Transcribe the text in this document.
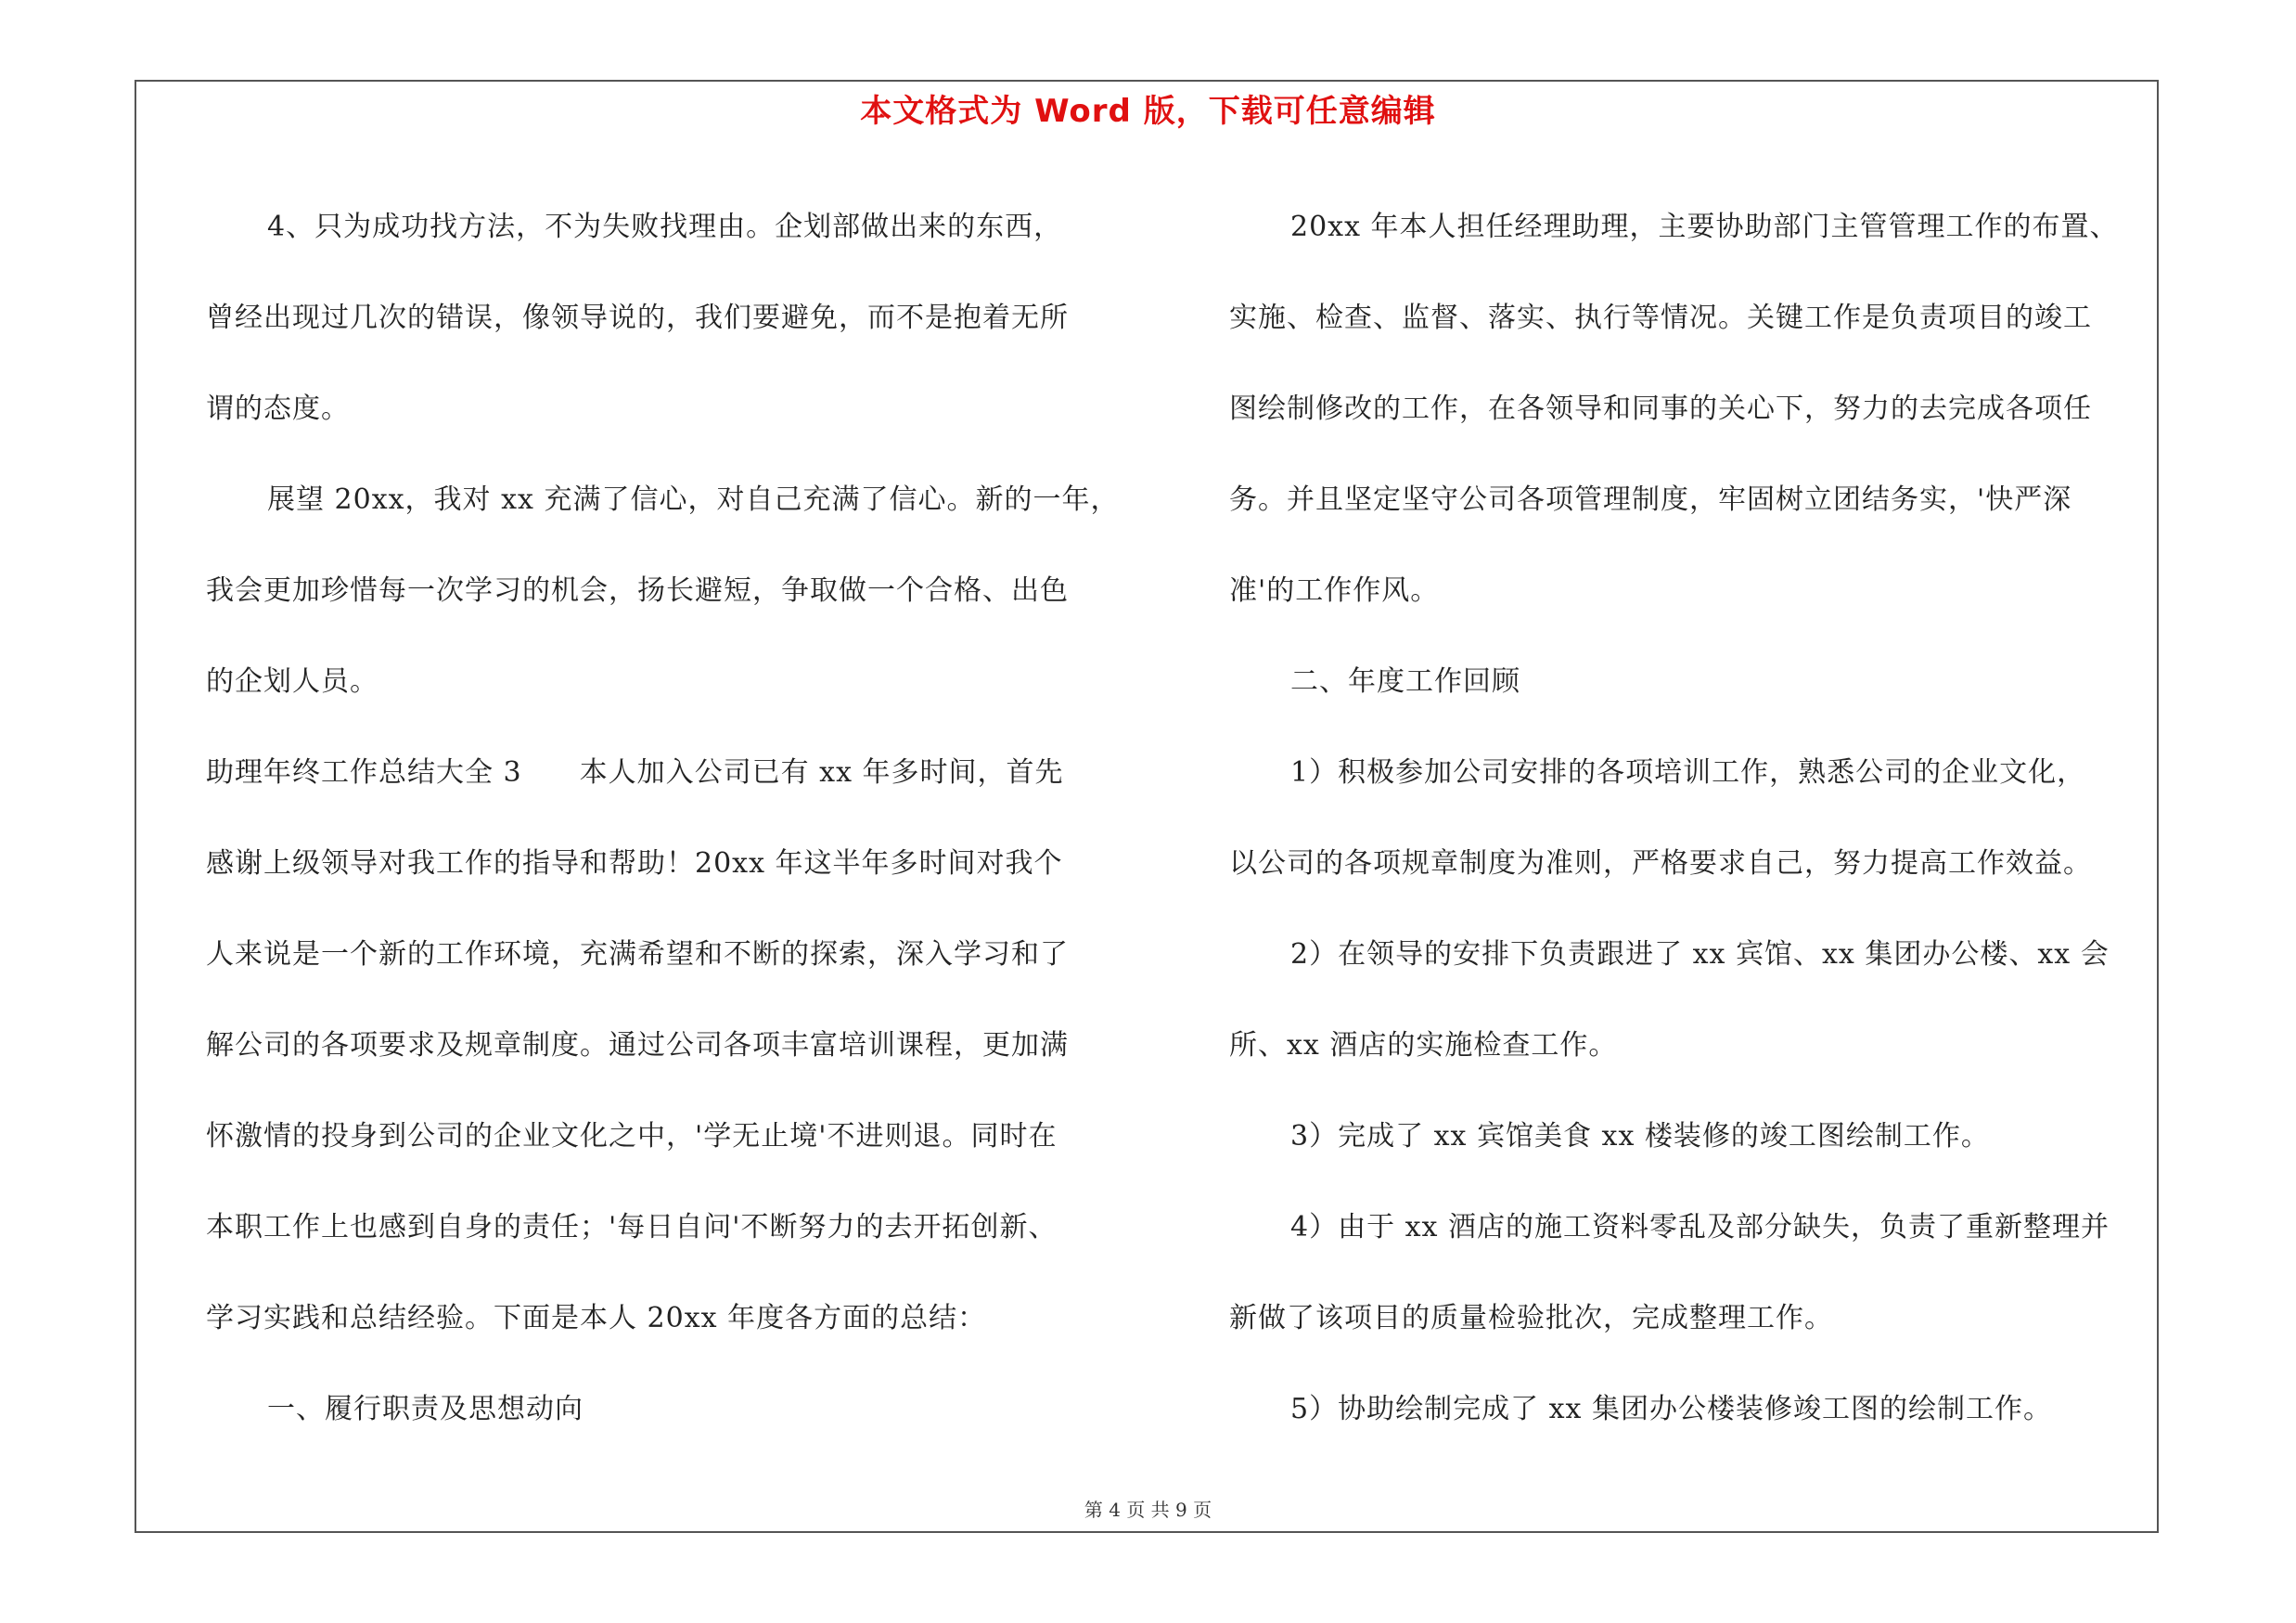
本文格式为 Word 版，下载可任意编辑
4、只为成功找方法，不为失败找理由。企划部做出来的东西，
曾经出现过几次的错误，像领导说的，我们要避免，而不是抱着无所
谓的态度。
展望 20xx，我对 xx 充满了信心，对自己充满了信心。新的一年，
我会更加珍惜每一次学习的机会，扬长避短，争取做一个合格、出色
的企划人员。
助理年终工作总结大全 3　　本人加入公司已有 xx 年多时间，首先
感谢上级领导对我工作的指导和帮助！20xx 年这半年多时间对我个
人来说是一个新的工作环境，充满希望和不断的探索，深入学习和了
解公司的各项要求及规章制度。通过公司各项丰富培训课程，更加满
怀激情的投身到公司的企业文化之中，'学无止境'不进则退。同时在
本职工作上也感到自身的责任；'每日自问'不断努力的去开拓创新、
学习实践和总结经验。下面是本人 20xx 年度各方面的总结：
一、履行职责及思想动向
20xx 年本人担任经理助理，主要协助部门主管管理工作的布置、
实施、检查、监督、落实、执行等情况。关键工作是负责项目的竣工
图绘制修改的工作，在各领导和同事的关心下，努力的去完成各项任
务。并且坚定坚守公司各项管理制度，牢固树立团结务实，'快严深
准'的工作作风。
二、年度工作回顾
1）积极参加公司安排的各项培训工作，熟悉公司的企业文化，
以公司的各项规章制度为准则，严格要求自己，努力提高工作效益。
2）在领导的安排下负责跟进了 xx 宾馆、xx 集团办公楼、xx 会
所、xx 酒店的实施检查工作。
3）完成了 xx 宾馆美食 xx 楼装修的竣工图绘制工作。
4）由于 xx 酒店的施工资料零乱及部分缺失，负责了重新整理并
新做了该项目的质量检验批次，完成整理工作。
5）协助绘制完成了 xx 集团办公楼装修竣工图的绘制工作。
第 4 页 共 9 页
